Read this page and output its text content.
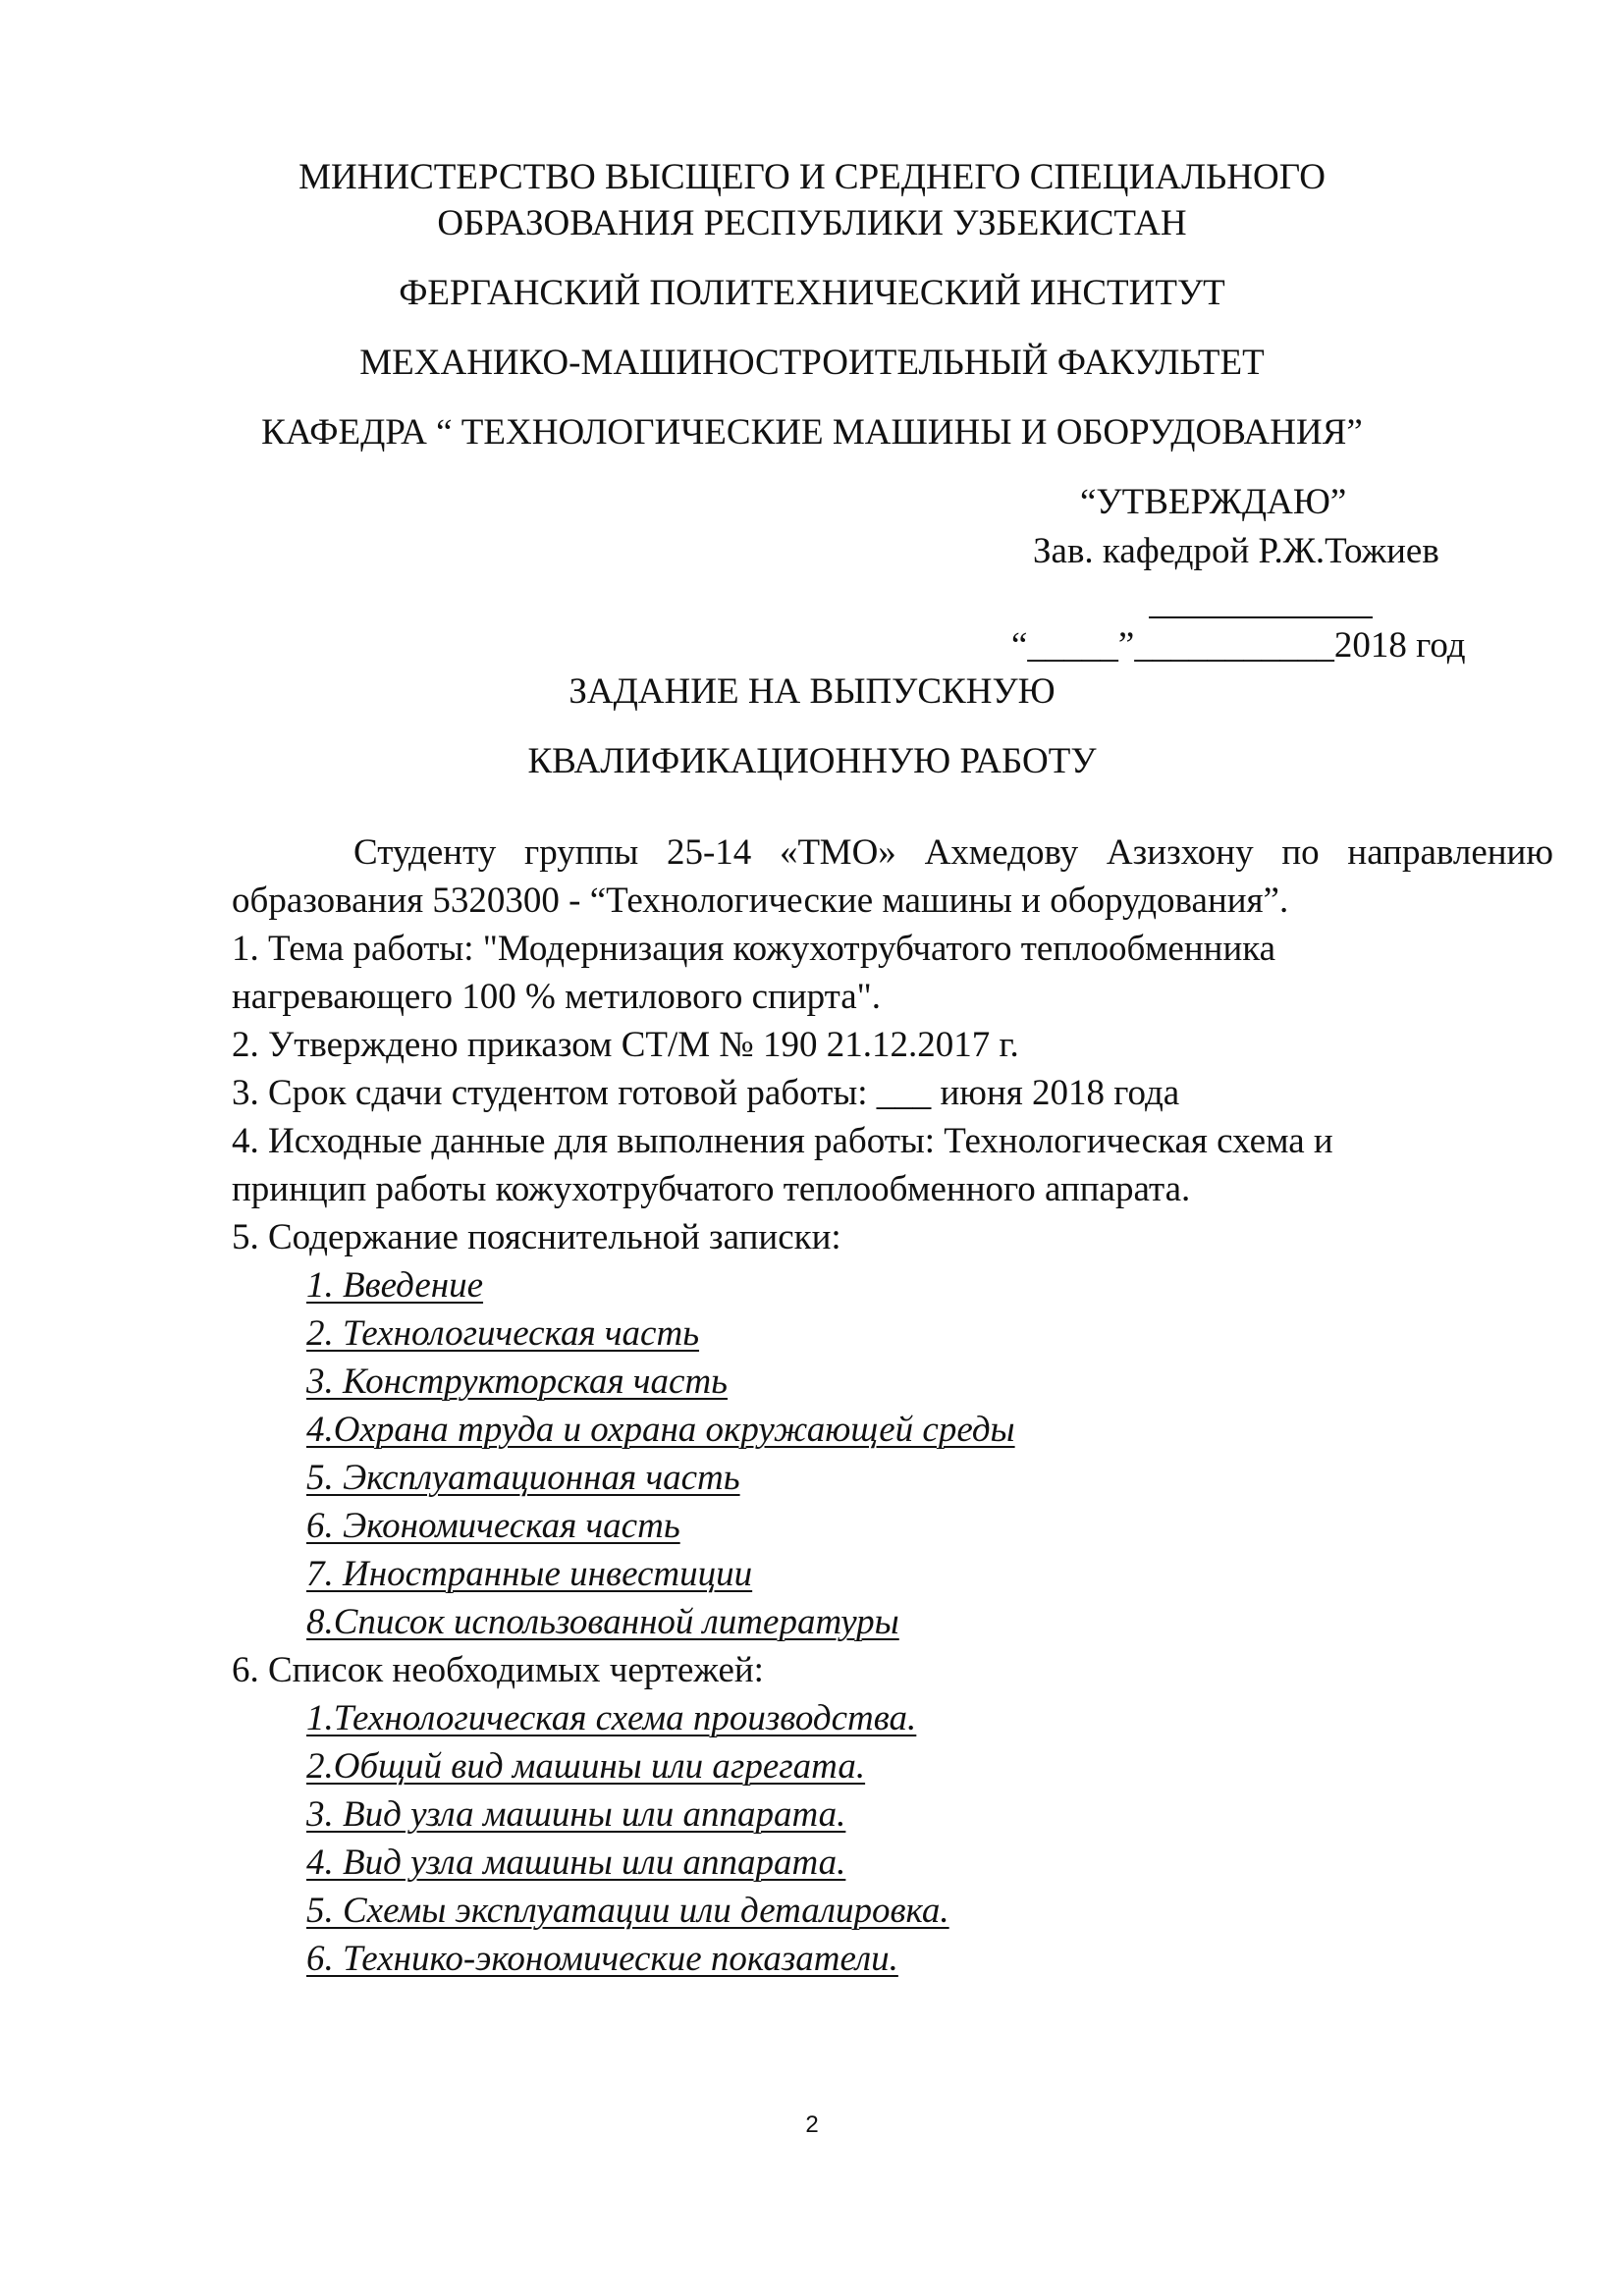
МИНИСТЕРСТВО ВЫСЩЕГО И СРЕДНЕГО СПЕЦИАЛЬНОГО
ОБРАЗОВАНИЯ РЕСПУБЛИКИ УЗБЕКИСТАН
ФЕРГАНСКИЙ ПОЛИТЕХНИЧЕСКИЙ ИНСТИТУТ
МЕХАНИКО-МАШИНОСТРОИТЕЛЬНЫЙ ФАКУЛЬТЕТ
КАФЕДРА “ ТЕХНОЛОГИЧЕСКИЕ МАШИНЫ И ОБОРУДОВАНИЯ”
“УТВЕРЖДАЮ”
Зав. кафедрой Р.Ж.Тожиев
“_____”___________2018 год
ЗАДАНИЕ НА ВЫПУСКНУЮ
КВАЛИФИКАЦИОННУЮ РАБОТУ
Студенту группы 25-14 «ТМО» Ахмедову Азизхону по направлению
образования 5320300 - “Технологические машины и оборудования”.
1. Тема работы: "Модернизация кожухотрубчатого теплообменника
нагревающего 100 % метилового спирта".
2. Утверждено приказом СТ/М № 190 21.12.2017 г.
3. Срок сдачи студентом готовой работы: ___ июня 2018 года
4. Исходные данные для выполнения работы: Технологическая схема и
принцип работы кожухотрубчатого теплообменного аппарата.
5. Содержание пояснительной записки:
1. Введение
2. Технологическая часть
3. Конструкторская часть
4.Охрана труда и охрана окружающей среды
5. Эксплуатационная часть
6. Экономическая часть
7. Иностранные инвестиции
8.Список использованной литературы
6. Список необходимых чертежей:
1.Технологическая схема производства.
2.Общий вид машины или агрегата.
3. Вид узла машины или аппарата.
4. Вид узла машины или аппарата.
5. Схемы эксплуатации или деталировка.
6. Технико-экономические показатели.
2
